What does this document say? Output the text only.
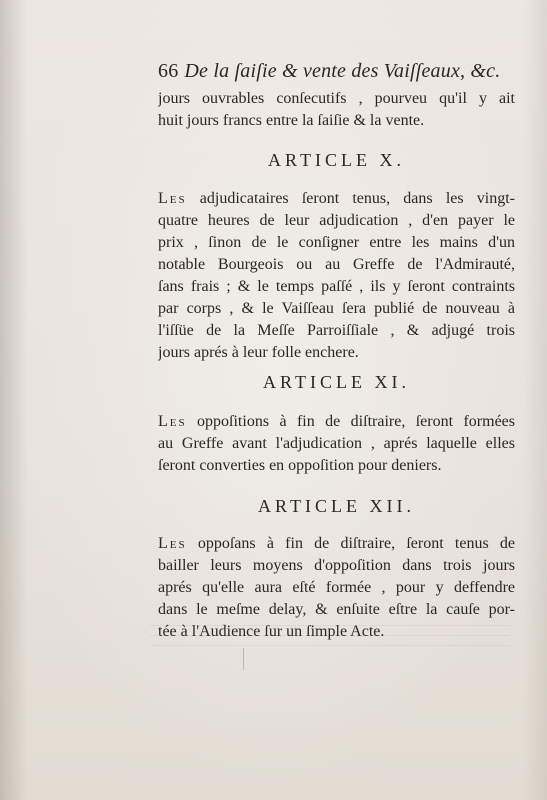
66 De la ſaiſie & vente des Vaiſſeaux, &c.
jours ouvrables conſecutifs , pourveu qu'il y ait
huit jours francs entre la ſaiſie & la vente.
ARTICLE X.
Les adjudicataires ſeront tenus, dans les vingt-
quatre heures de leur adjudication , d'en payer le
prix , ſinon de le conſigner entre les mains d'un
notable Bourgeois ou au Greffe de l'Admirauté,
ſans frais ; & le temps paſſé , ils y ſeront contraints
par corps , & le Vaiſſeau ſera publié de nouveau à
l'iſſüe de la Meſſe Parroiſſiale , & adjugé trois
jours aprés à leur folle enchere.
ARTICLE XI.
Les oppoſitions à fin de diſtraire, ſeront formées
au Greffe avant l'adjudication , aprés laquelle elles
ſeront converties en oppoſition pour deniers.
ARTICLE XII.
Les oppoſans à fin de diſtraire, ſeront tenus de
bailler leurs moyens d'oppoſition dans trois jours
aprés qu'elle aura eſté formée , pour y deffendre
dans le meſme delay, & enſuite eſtre la cauſe por-
tée à l'Audience ſur un ſimple Acte.
